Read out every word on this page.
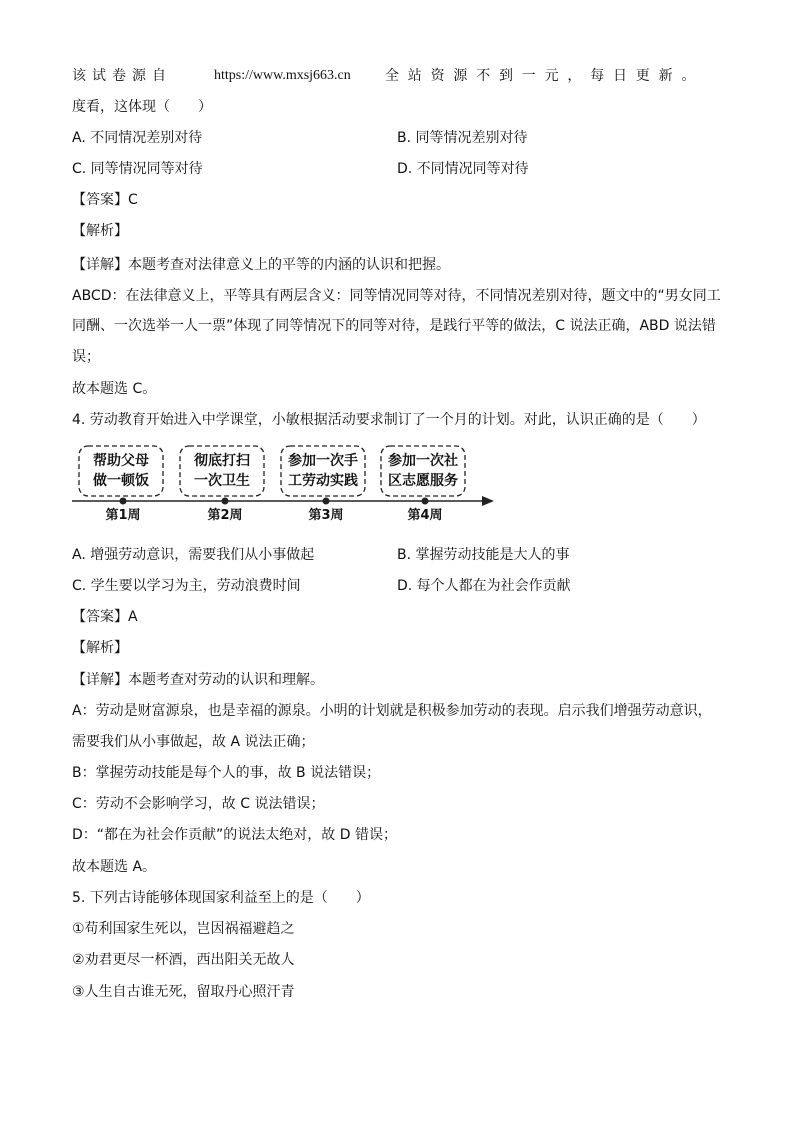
该试卷源自	https://www.mxsj663.cn 全站资源不到一元，每日更新。
度看，这体现（　　）
A. 不同情况差别对待	B. 同等情况差别对待
C. 同等情况同等对待	D. 不同情况同等对待
【答案】C
【解析】
【详解】本题考查对法律意义上的平等的内涵的认识和把握。
ABCD：在法律意义上，平等具有两层含义：同等情况同等对待，不同情况差别对待，题文中的“男女同工
同酬、一次选举一人一票”体现了同等情况下的同等对待，是践行平等的做法，C 说法正确，ABD 说法错
误；
故本题选 C。
4. 劳动教育开始进入中学课堂，小敏根据活动要求制订了一个月的计划。对此，认识正确的是（　　）
帮助父母
做一顿饭
彻底打扫
一次卫生
参加一次手
工劳动实践
参加一次社
区志愿服务
第1周	第2周	第3周	第4周
A. 增强劳动意识，需要我们从小事做起	B. 掌握劳动技能是大人的事
C. 学生要以学习为主，劳动浪费时间	D. 每个人都在为社会作贡献
【答案】A
【解析】
【详解】本题考查对劳动的认识和理解。
A：劳动是财富源泉，也是幸福的源泉。小明的计划就是积极参加劳动的表现。启示我们增强劳动意识，
需要我们从小事做起，故 A 说法正确；
B：掌握劳动技能是每个人的事，故 B 说法错误；
C：劳动不会影响学习，故 C 说法错误；
D：“都在为社会作贡献”的说法太绝对，故 D 错误；
故本题选 A。
5. 下列古诗能够体现国家利益至上的是（　　）
①苟利国家生死以，岂因祸福避趋之
②劝君更尽一杯酒，西出阳关无故人
③人生自古谁无死，留取丹心照汗青
